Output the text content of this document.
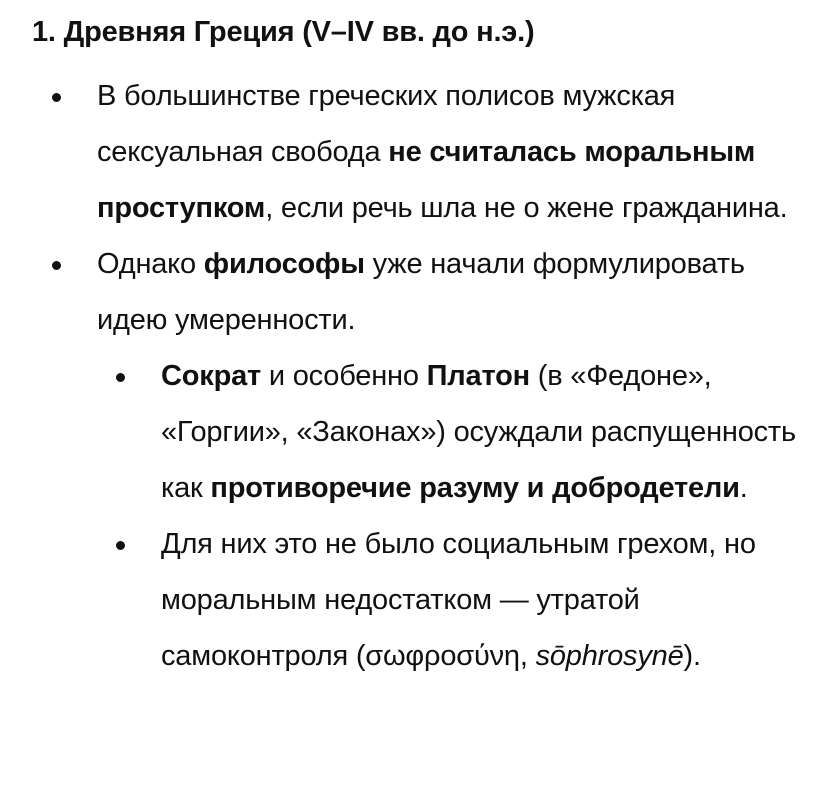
1. Древняя Греция (V–IV вв. до н.э.)
В большинстве греческих полисов мужская сексуальная свобода не считалась моральным проступком, если речь шла не о жене гражданина.
Однако философы уже начали формулировать идею умеренности.
Сократ и особенно Платон (в «Федоне», «Горгии», «Законах») осуждали распущенность как противоречие разуму и добродетели.
Для них это не было социальным грехом, но моральным недостатком — утратой самоконтроля (σωφροσύνη, sōphrosynē).
